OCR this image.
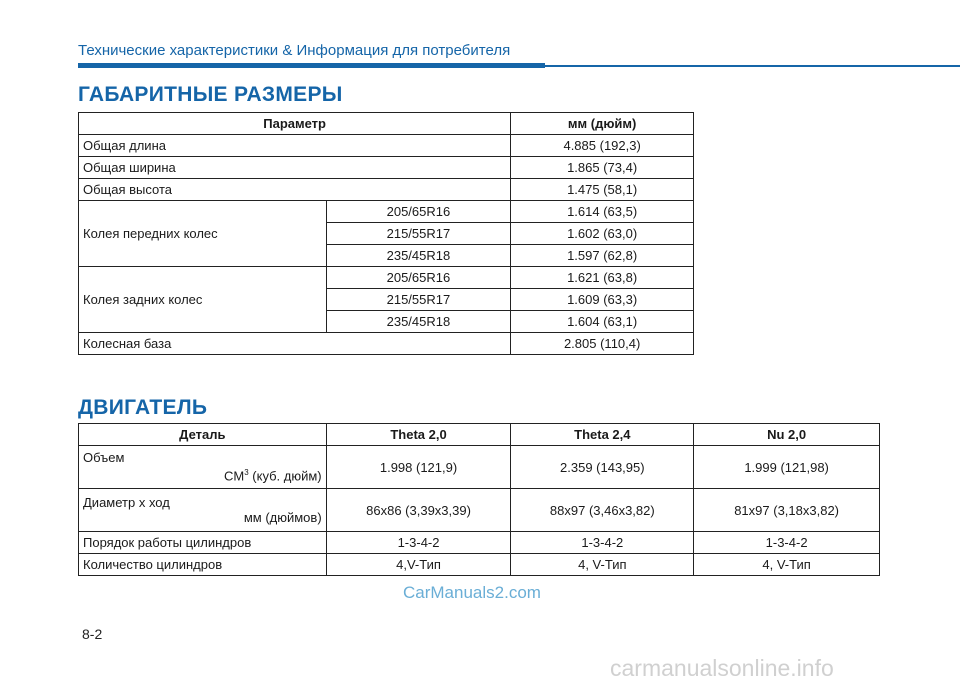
Технические характеристики & Информация для потребителя
ГАБАРИТНЫЕ РАЗМЕРЫ
Параметр		мм (дюйм)
Общая длина		4.885 (192,3)
Общая ширина		1.865 (73,4)
Общая высота		1.475 (58,1)
Колея передних колес	205/65R16	1.614 (63,5)
	215/55R17	1.602 (63,0)
	235/45R18	1.597 (62,8)
Колея задних колес	205/65R16	1.621 (63,8)
	215/55R17	1.609 (63,3)
	235/45R18	1.604 (63,1)
Колесная база		2.805 (110,4)
ДВИГАТЕЛЬ
Деталь	Theta 2,0	Theta 2,4	Nu 2,0
Объем
$CM^3$ (куб. дюйм)	1.998 (121,9)	2.359 (143,95)	1.999 (121,98)
Диаметр х ход
мм (дюймов)	86x86 (3,39x3,39)	88x97 (3,46x3,82)	81x97 (3,18x3,82)
Порядок работы цилиндров	1-3-4-2	1-3-4-2	1-3-4-2
Количество цилиндров	4,V-Тип	4, V-Тип	4, V-Тип
CarManuals2.com
8-2
carmanualsonline.info
